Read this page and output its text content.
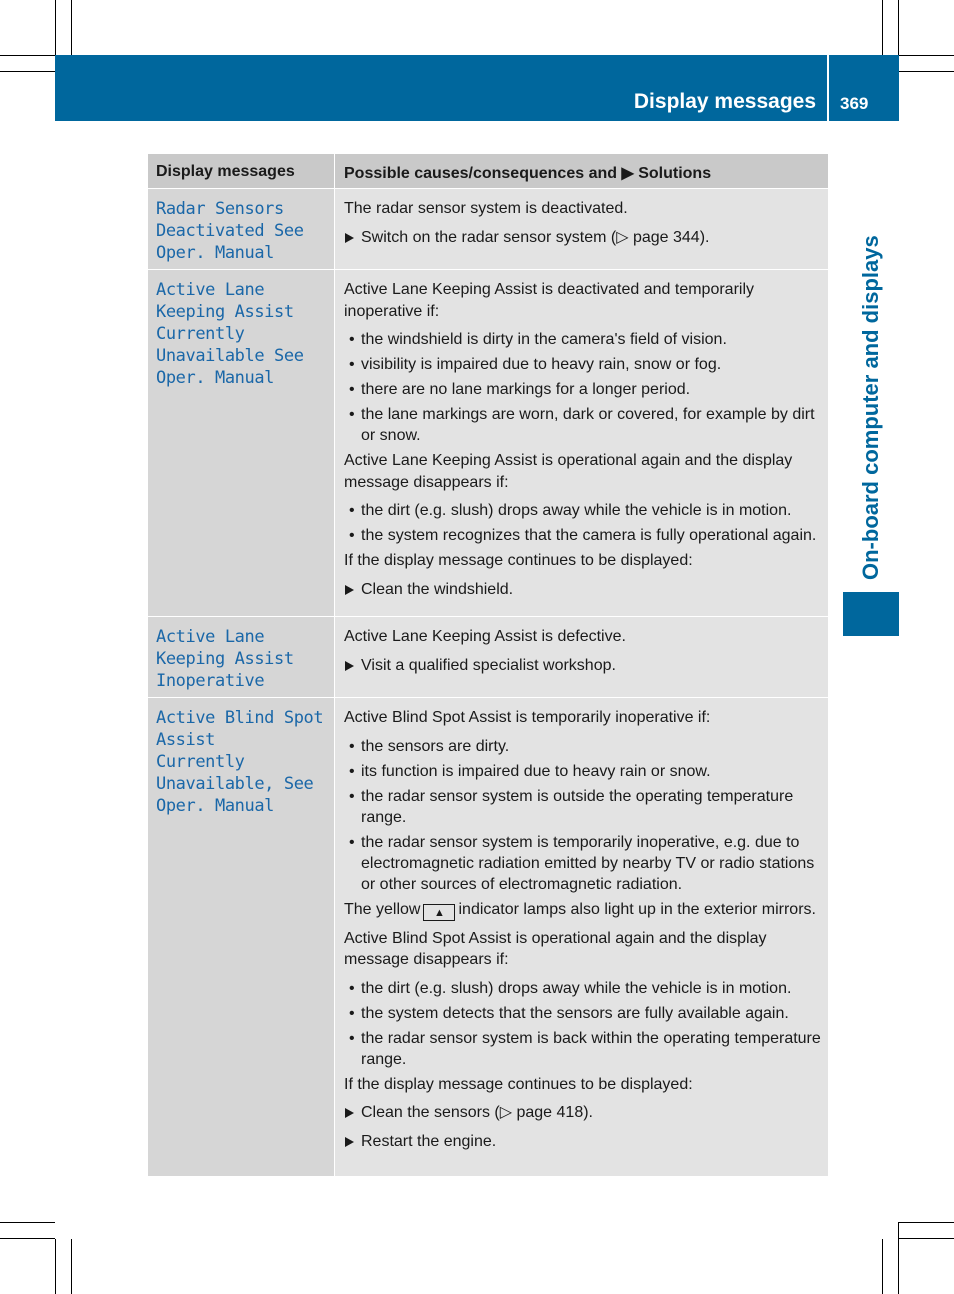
Display messages 369
On-board computer and displays
Display messages	Possible causes/consequences and ▶ Solutions
Radar Sensors
Deactivated See
Oper. Manual

The radar sensor system is deactivated.

Switch on the radar sensor system (▷ page 344).
Active Lane
Keeping Assist
Currently
Unavailable See
Oper. Manual

Active Lane Keeping Assist is deactivated and temporarily inoperative if:

• the windshield is dirty in the camera's field of vision.
• visibility is impaired due to heavy rain, snow or fog.
• there are no lane markings for a longer period.
• the lane markings are worn, dark or covered, for example by dirt or snow.

Active Lane Keeping Assist is operational again and the display message disappears if:

• the dirt (e.g. slush) drops away while the vehicle is in motion.
• the system recognizes that the camera is fully operational again.

If the display message continues to be displayed:

Clean the windshield.
Active Lane
Keeping Assist
Inoperative

Active Lane Keeping Assist is defective.

Visit a qualified specialist workshop.
Active Blind Spot
Assist
Currently
Unavailable, See
Oper. Manual

Active Blind Spot Assist is temporarily inoperative if:

• the sensors are dirty.
• its function is impaired due to heavy rain or snow.
• the radar sensor system is outside the operating temperature range.
• the radar sensor system is temporarily inoperative, e.g. due to electromagnetic radiation emitted by nearby TV or radio stations or other sources of electromagnetic radiation.

The yellow ▲ indicator lamps also light up in the exterior mirrors.

Active Blind Spot Assist is operational again and the display message disappears if:

• the dirt (e.g. slush) drops away while the vehicle is in motion.
• the system detects that the sensors are fully available again.
• the radar sensor system is back within the operating temperature range.

If the display message continues to be displayed:

Clean the sensors (▷ page 418).
Restart the engine.
